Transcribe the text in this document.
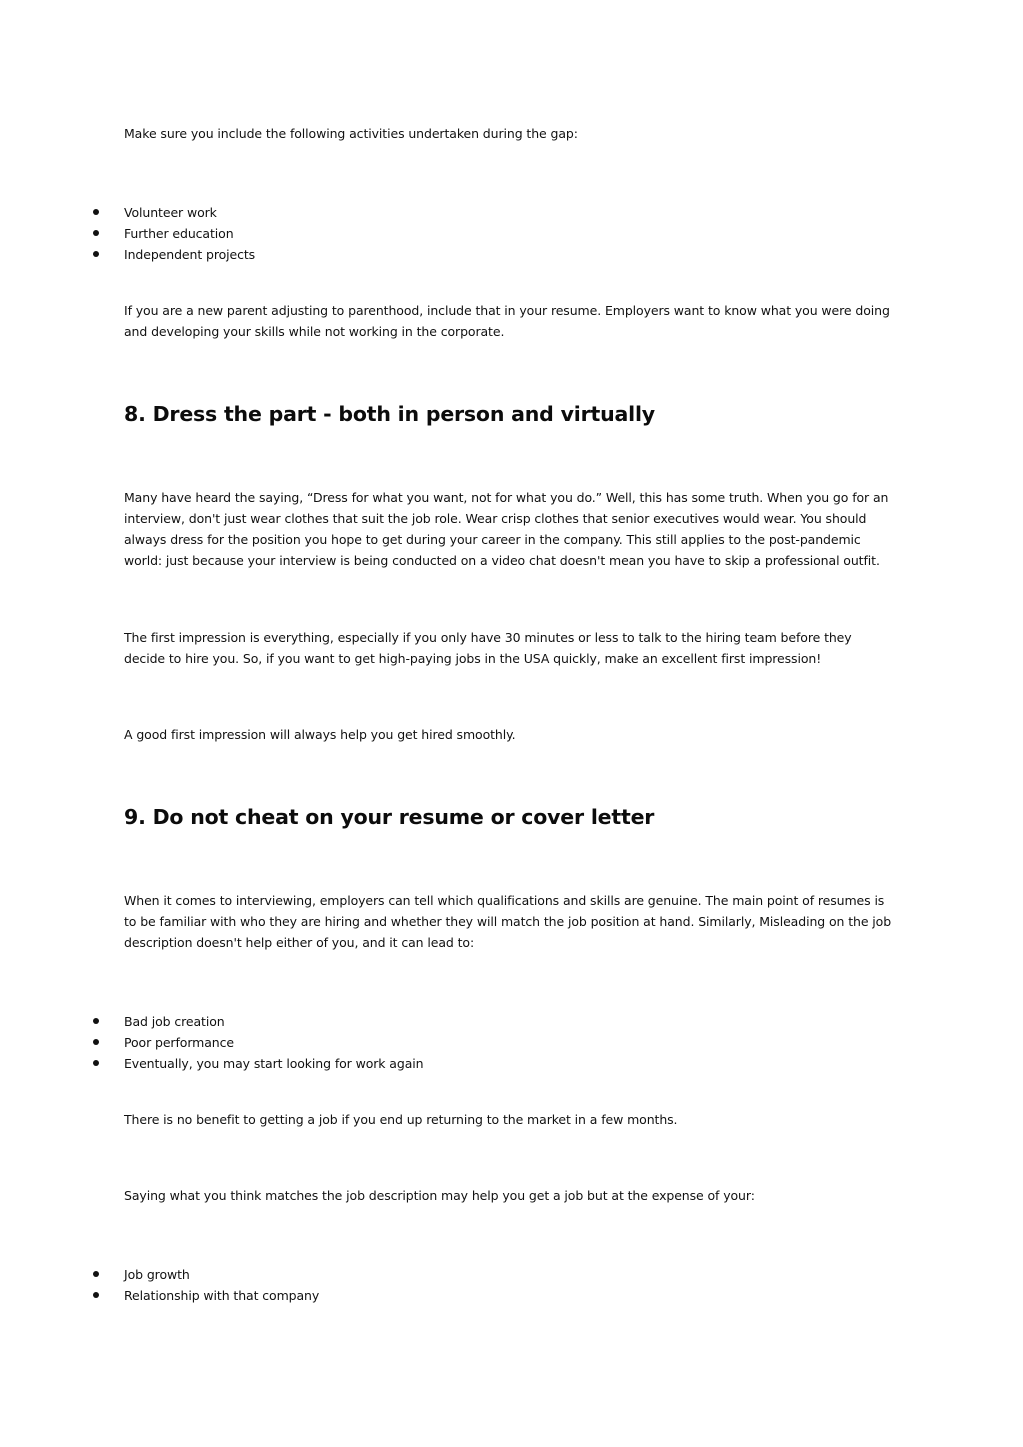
Make sure you include the following activities undertaken during the gap:

Volunteer work
Further education
Independent projects

If you are a new parent adjusting to parenthood, include that in your resume. Employers want to know what you were doing and developing your skills while not working in the corporate.

8. Dress the part - both in person and virtually

Many have heard the saying, “Dress for what you want, not for what you do.” Well, this has some truth. When you go for an interview, don't just wear clothes that suit the job role. Wear crisp clothes that senior executives would wear. You should always dress for the position you hope to get during your career in the company. This still applies to the post-pandemic world: just because your interview is being conducted on a video chat doesn't mean you have to skip a professional outfit.

The first impression is everything, especially if you only have 30 minutes or less to talk to the hiring team before they decide to hire you. So, if you want to get high-paying jobs in the USA quickly, make an excellent first impression!

A good first impression will always help you get hired smoothly.

9. Do not cheat on your resume or cover letter

When it comes to interviewing, employers can tell which qualifications and skills are genuine. The main point of resumes is to be familiar with who they are hiring and whether they will match the job position at hand. Similarly, Misleading on the job description doesn't help either of you, and it can lead to:

Bad job creation
Poor performance
Eventually, you may start looking for work again

There is no benefit to getting a job if you end up returning to the market in a few months.

Saying what you think matches the job description may help you get a job but at the expense of your:

Job growth
Relationship with that company
